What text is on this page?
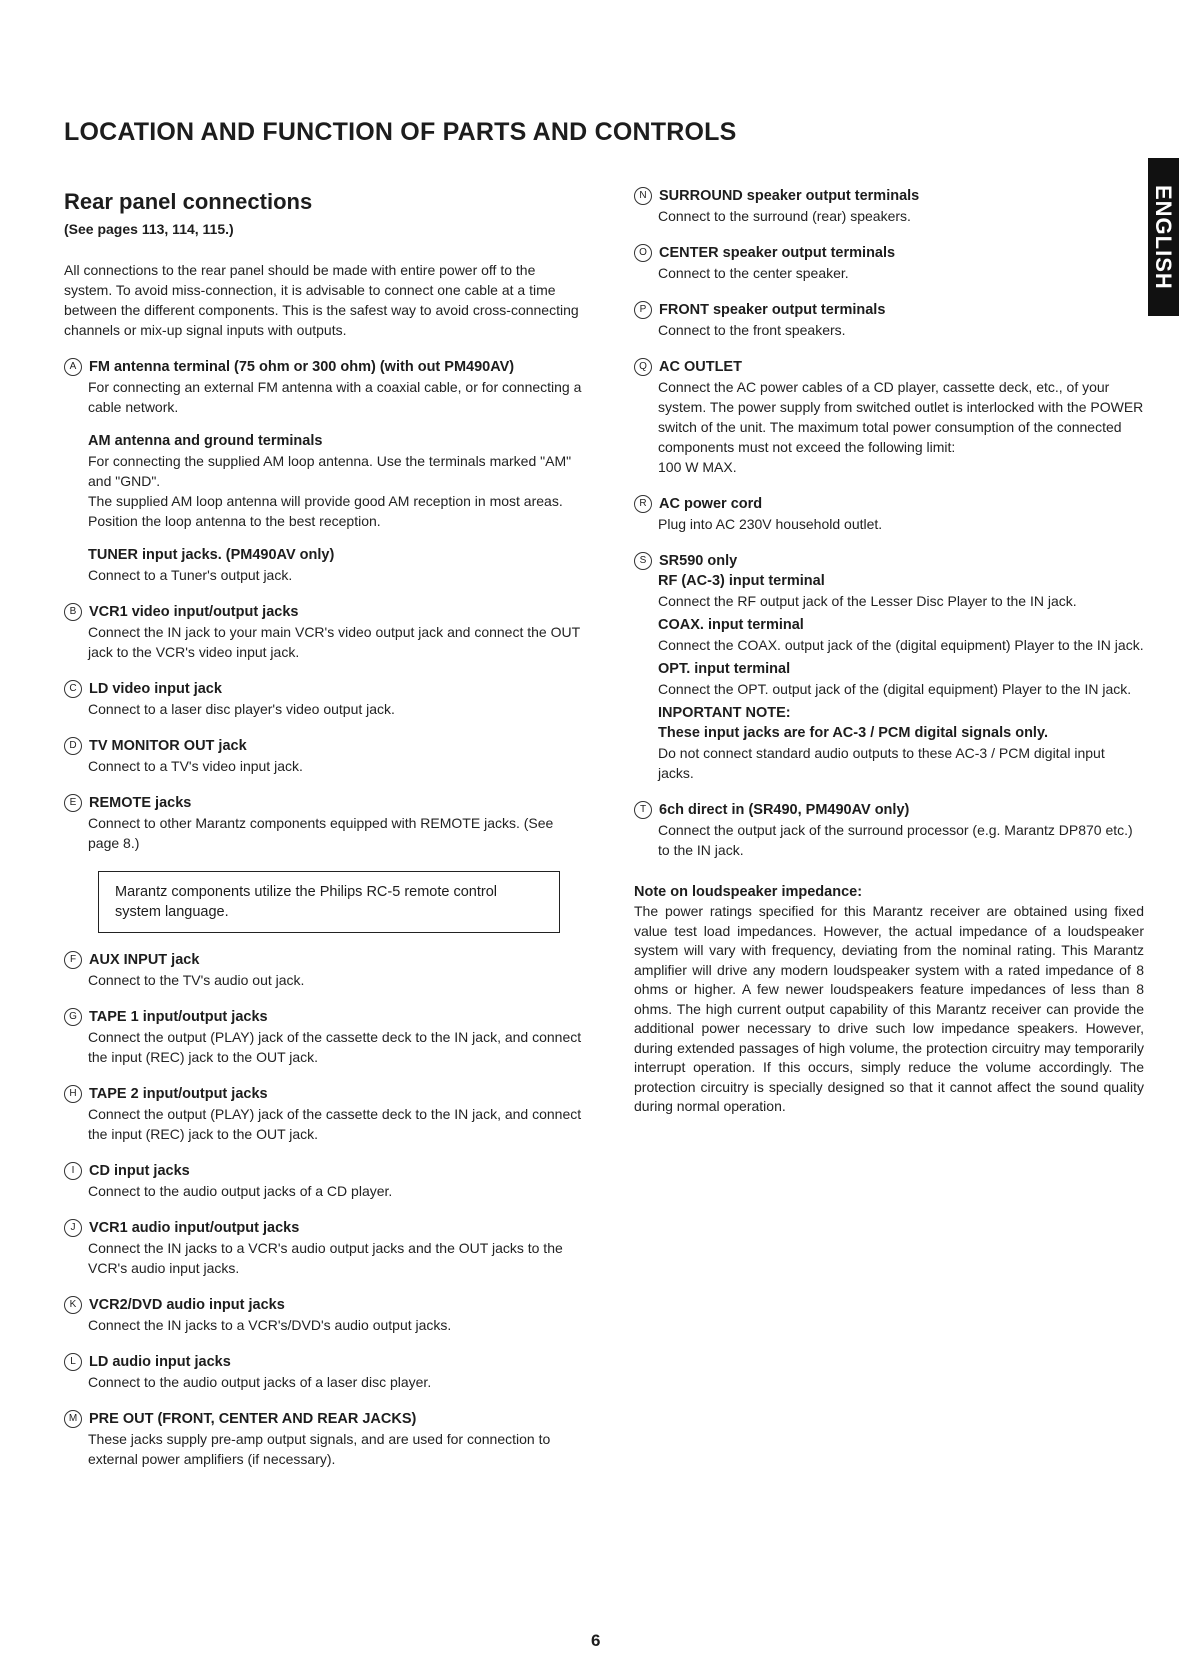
LOCATION AND FUNCTION OF PARTS AND CONTROLS
ENGLISH
Rear panel connections
(See pages 113, 114, 115.)

All connections to the rear panel should be made with entire power off to the system. To avoid miss-connection, it is advisable to connect one cable at a time between the different components. This is the safest way to avoid cross-connecting channels or mix-up signal inputs with outputs.

A FM antenna terminal (75 ohm or 300 ohm) (with out PM490AV)
For connecting an external FM antenna with a coaxial cable, or for connecting a cable network.
AM antenna and ground terminals
For connecting the supplied AM loop antenna. Use the terminals marked "AM" and "GND".
The supplied AM loop antenna will provide good AM reception in most areas. Position the loop antenna to the best reception.
TUNER input jacks. (PM490AV only)
Connect to a Tuner's output jack.
B VCR1 video input/output jacks
Connect the IN jack to your main VCR's video output jack and connect the OUT jack to the VCR's video input jack.
C LD video input jack
Connect to a laser disc player's video output jack.
D TV MONITOR OUT jack
Connect to a TV's video input jack.
E REMOTE jacks
Connect to other Marantz components equipped with REMOTE jacks. (See page 8.)
Marantz components utilize the Philips RC-5 remote control system language.
F AUX INPUT jack
Connect to the TV's audio out jack.
G TAPE 1 input/output jacks
Connect the output (PLAY) jack of the cassette deck to the IN jack, and connect the input (REC) jack to the OUT jack.
H TAPE 2 input/output jacks
Connect the output (PLAY) jack of the cassette deck to the IN jack, and connect the input (REC) jack to the OUT jack.
I	CD input jacks
Connect to the audio output jacks of a CD player.
J VCR1 audio input/output jacks
Connect the IN jacks to a VCR's audio output jacks and the OUT jacks to the VCR's audio input jacks.
K VCR2/DVD audio input jacks
Connect the IN jacks to a VCR's/DVD's audio output jacks.
L LD audio input jacks
Connect to the audio output jacks of a laser disc player.
M PRE OUT (FRONT, CENTER AND REAR JACKS)
These jacks supply pre-amp output signals, and are used for connection to external power amplifiers (if necessary).
N SURROUND speaker output terminals
Connect to the surround (rear) speakers.
O CENTER speaker output terminals
Connect to the center speaker.
P FRONT speaker output terminals
Connect to the front speakers.
Q AC OUTLET
Connect the AC power cables of a CD player, cassette deck, etc., of your system. The power supply from switched outlet is interlocked with the POWER switch of the unit. The maximum total power consumption of the connected components must not exceed the following limit:
100 W MAX.
R AC power cord
Plug into AC 230V household outlet.
S SR590 only
RF (AC-3) input terminal
Connect the RF output jack of the Lesser Disc Player to the IN jack.
COAX. input terminal
Connect the COAX. output jack of the (digital equipment) Player to the IN jack.
OPT. input terminal
Connect the OPT. output jack of the (digital equipment) Player to the IN jack.
INPORTANT NOTE:
These input jacks are for AC-3 / PCM digital signals only.
Do not connect standard audio outputs to these AC-3 / PCM digital input jacks.
T 6ch direct in (SR490, PM490AV only)
Connect the output jack of the surround processor (e.g. Marantz DP870 etc.) to the IN jack.
Note on loudspeaker impedance:
The power ratings specified for this Marantz receiver are obtained using fixed value test load impedances. However, the actual impedance of a loudspeaker system will vary with frequency, deviating from the nominal rating. This Marantz amplifier will drive any modern loudspeaker system with a rated impedance of 8 ohms or higher. A few newer loudspeakers feature impedances of less than 8 ohms. The high current output capability of this Marantz receiver can provide the additional power necessary to drive such low impedance speakers. However, during extended passages of high volume, the protection circuitry may temporarily interrupt operation. If this occurs, simply reduce the volume accordingly. The protection circuitry is specially designed so that it cannot affect the sound quality during normal operation.
6
